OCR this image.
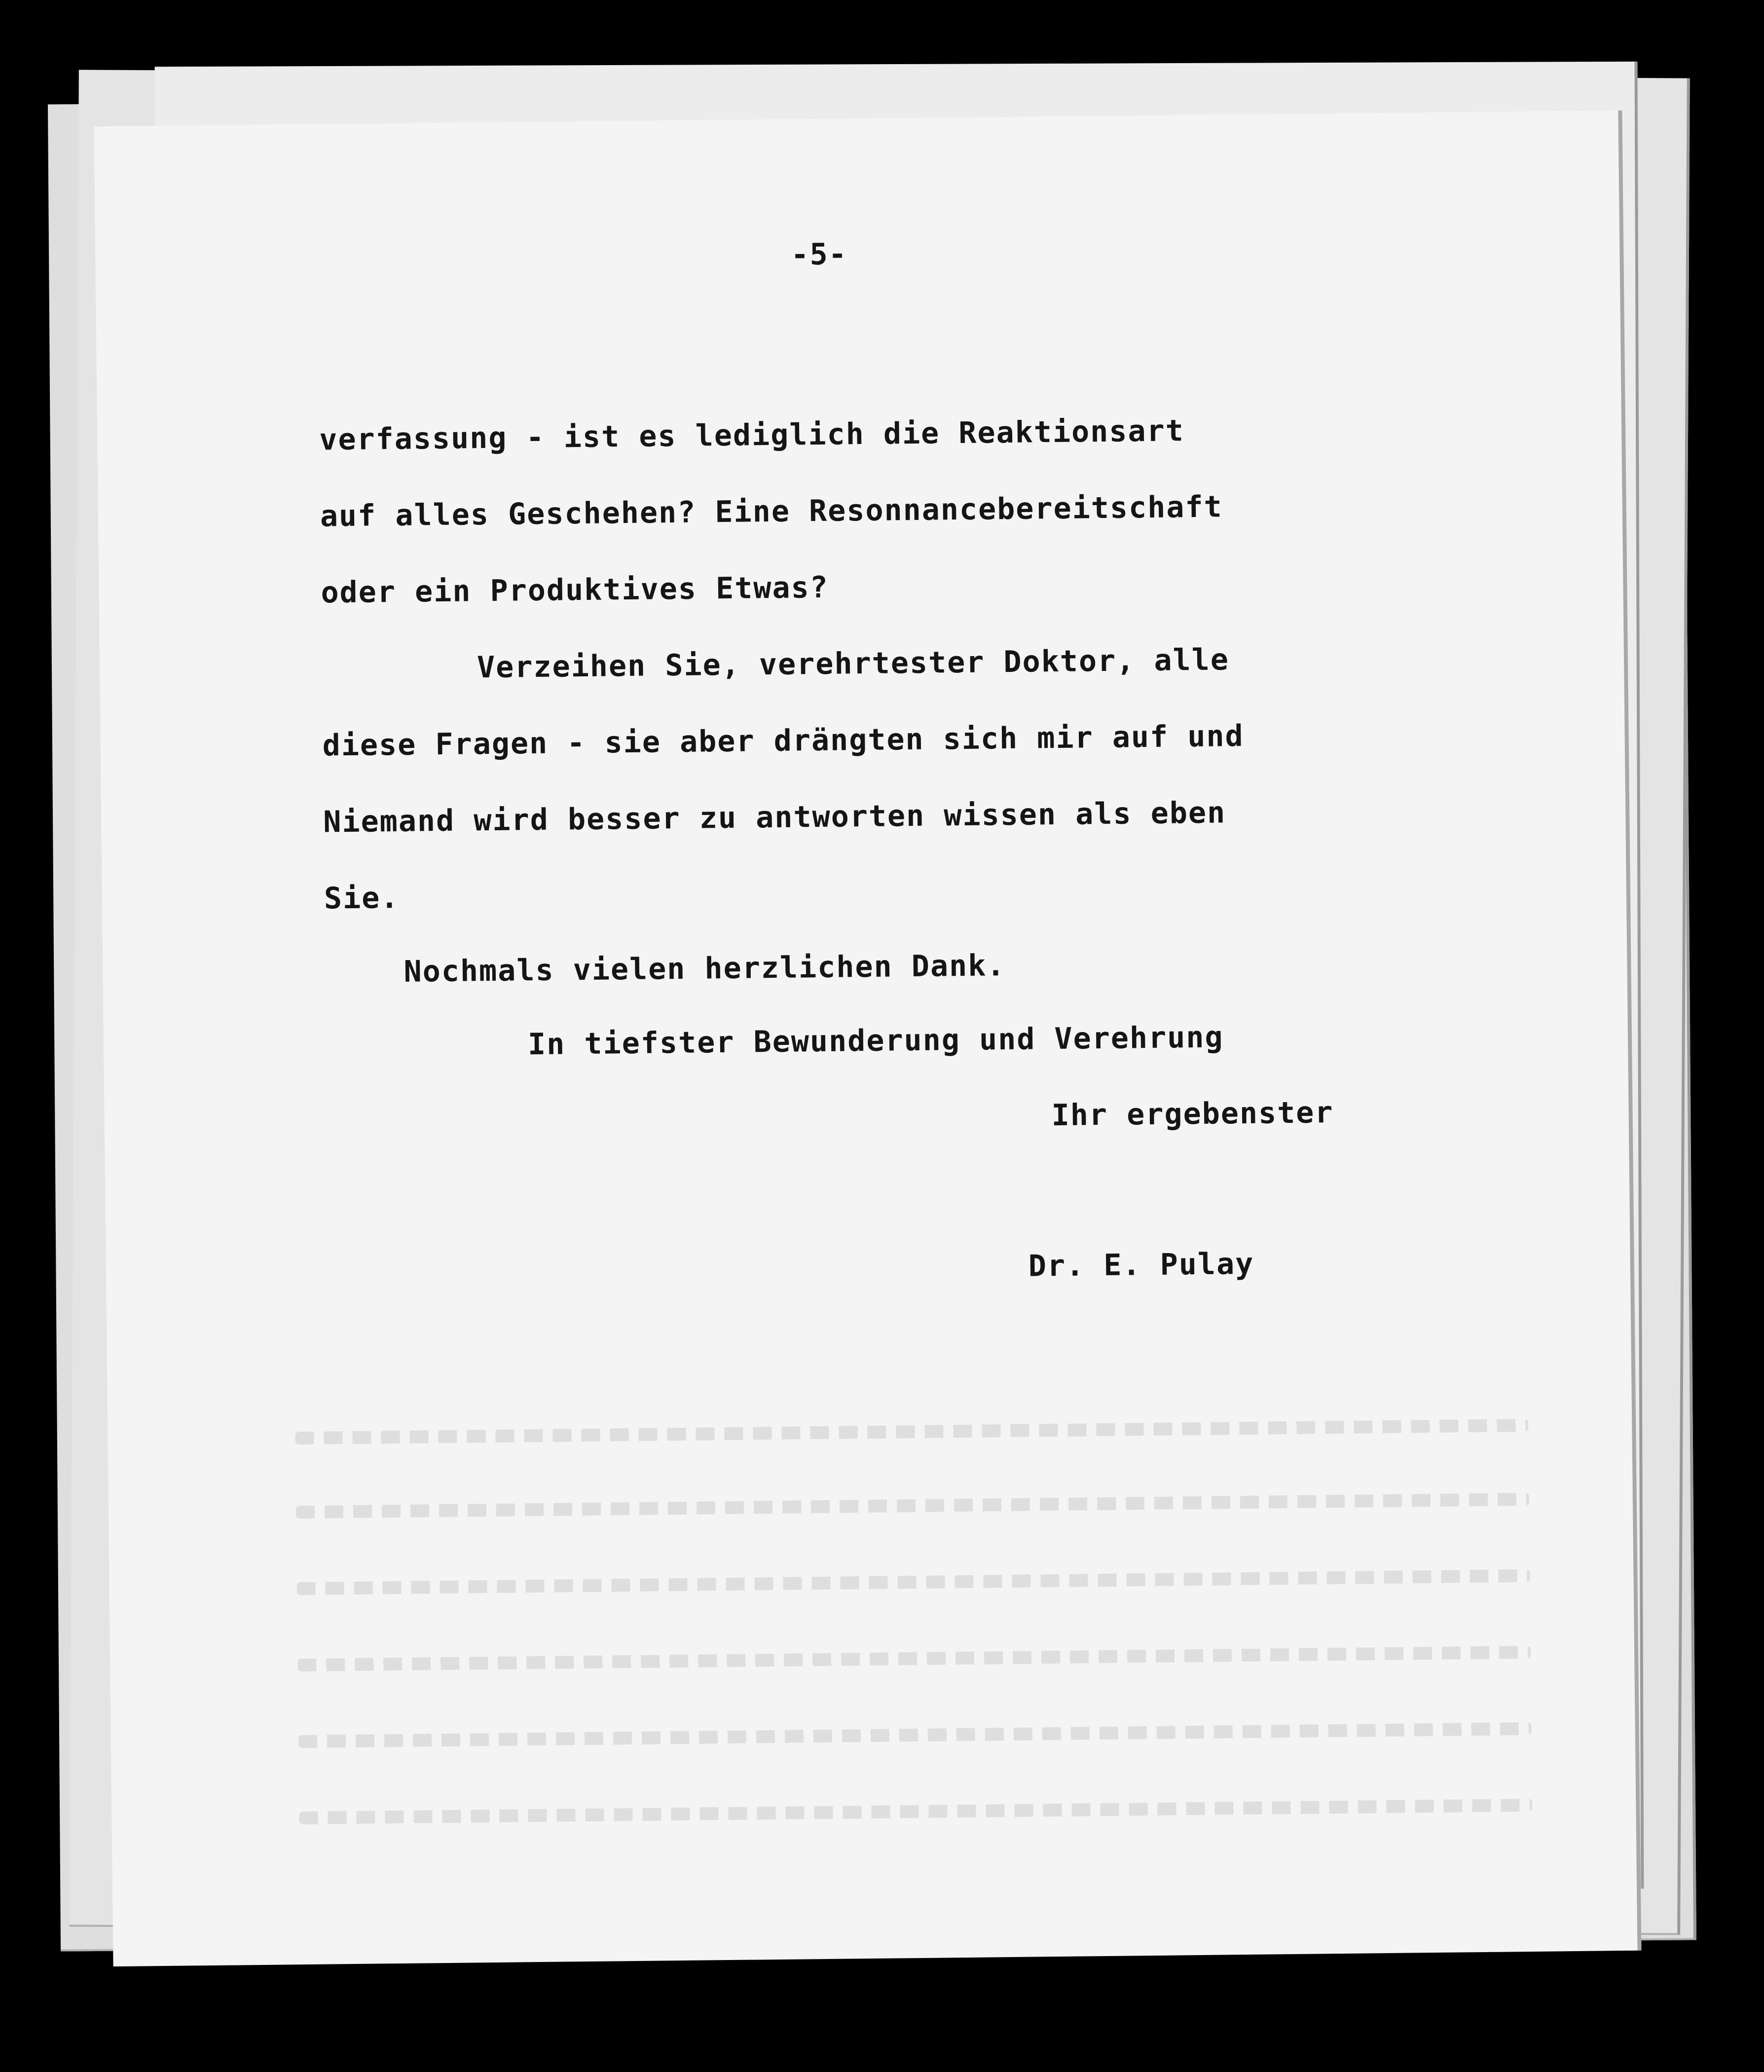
-5-
verfassung - ist es lediglich die Reaktionsart
auf alles Geschehen? Eine Resonnancebereitschaft
oder ein Produktives Etwas?
Verzeihen Sie, verehrtester Doktor, alle
diese Fragen - sie aber drängten sich mir auf und
Niemand wird besser zu antworten wissen als eben
Sie.
Nochmals vielen herzlichen Dank.
In tiefster Bewunderung und Verehrung
Ihr ergebenster
Dr. E. Pulay
